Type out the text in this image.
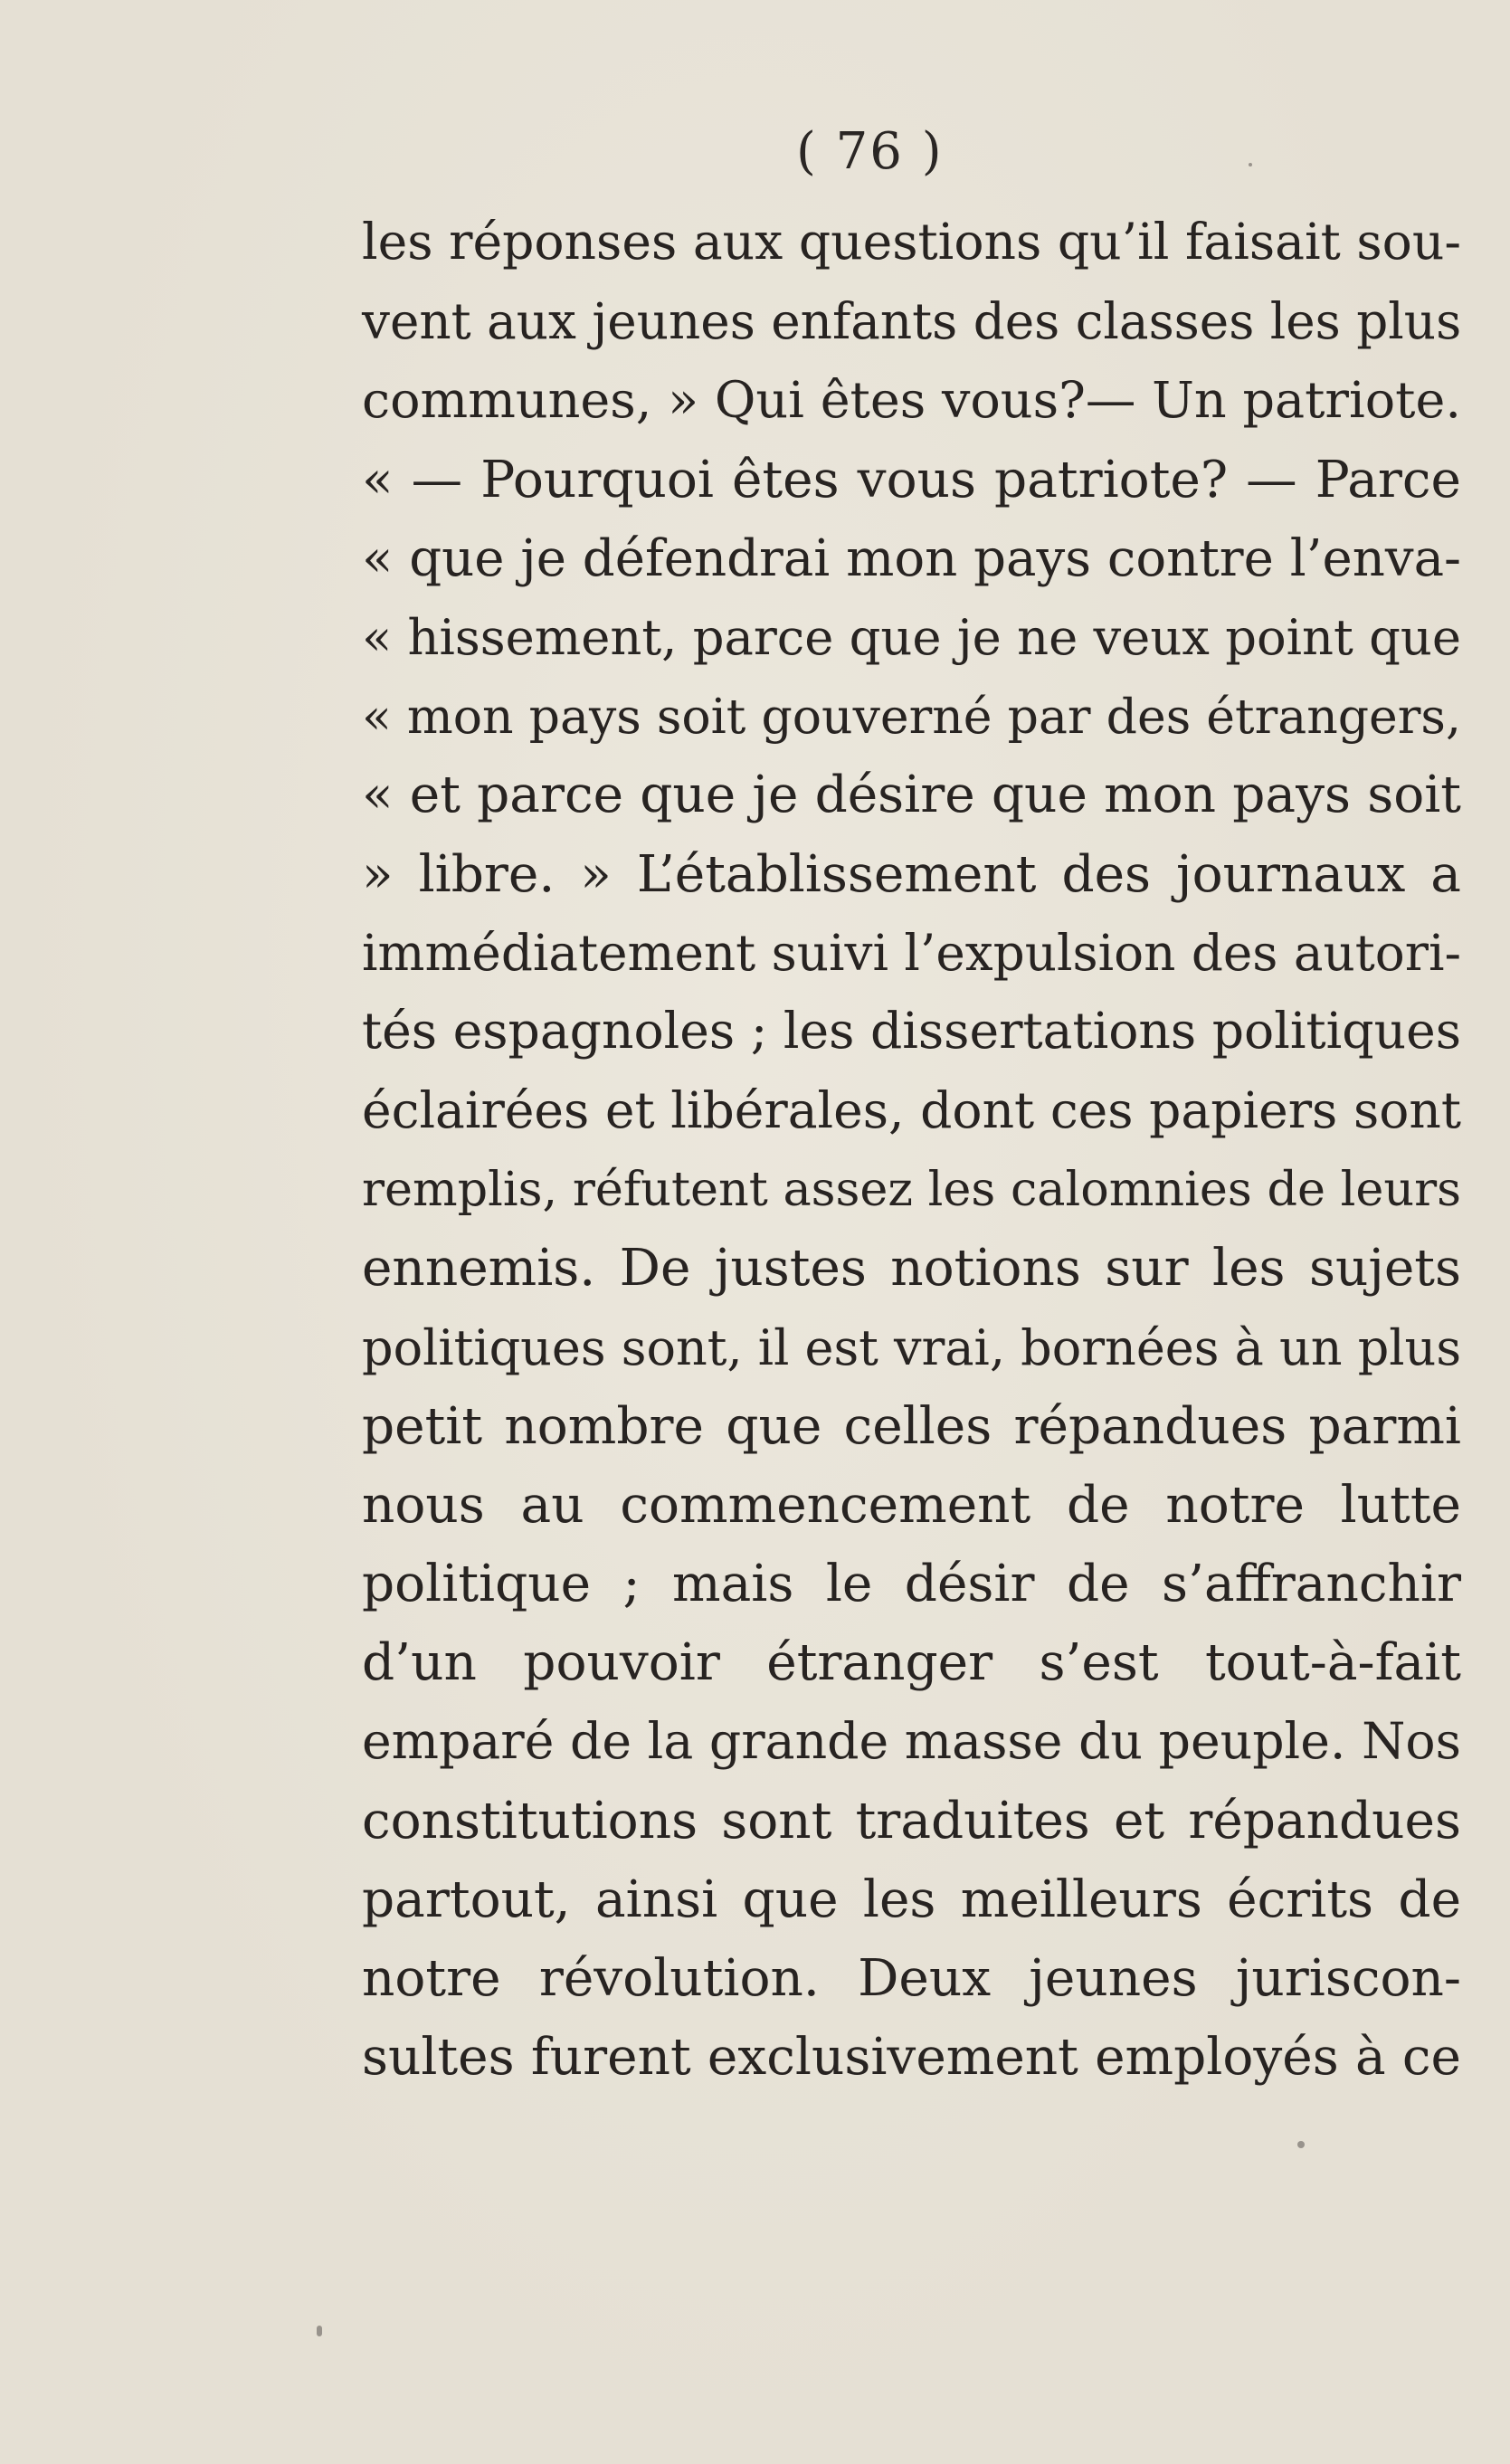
( 76 )
les réponses aux questions qu’il faisait sou-
vent aux jeunes enfants des classes les plus
communes, » Qui êtes vous?— Un patriote.
« — Pourquoi êtes vous patriote? — Parce
« que je défendrai mon pays contre l’enva-
« hissement, parce que je ne veux point que
« mon pays soit gouverné par des étrangers,
« et parce que je désire que mon pays soit
» libre. » L’établissement des journaux a
immédiatement suivi l’expulsion des autori-
tés espagnoles ; les dissertations politiques
éclairées et libérales, dont ces papiers sont
remplis, réfutent assez les calomnies de leurs
ennemis. De justes notions sur les sujets
politiques sont, il est vrai, bornées à un plus
petit nombre que celles répandues parmi
nous au commencement de notre lutte
politique ; mais le désir de s’affranchir
d’un pouvoir étranger s’est tout-à-fait
emparé de la grande masse du peuple. Nos
constitutions sont traduites et répandues
partout, ainsi que les meilleurs écrits de
notre révolution. Deux jeunes juriscon-
sultes furent exclusivement employés à ce
